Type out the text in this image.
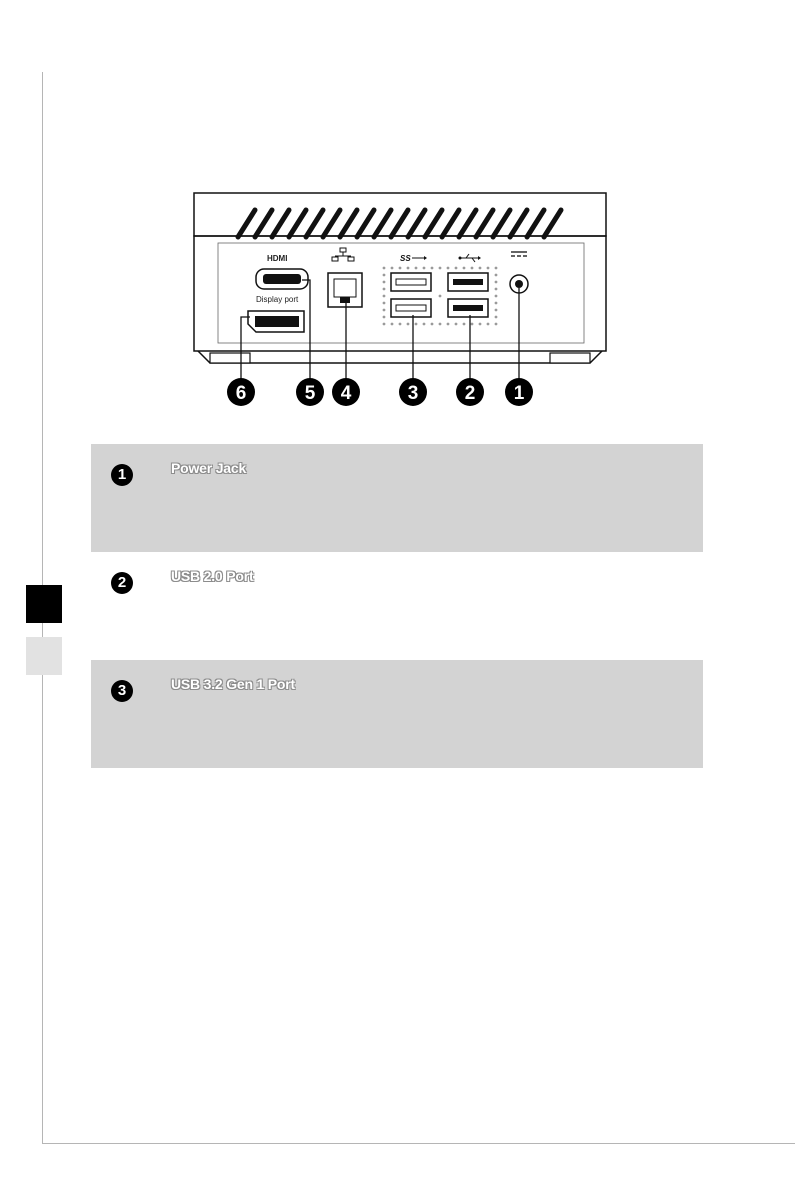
HDMI
Display port
SS
6	5 4	3 2 1
1	Power Jack
2	USB 2.0 Port
3	USB 3.2 Gen 1 Port
